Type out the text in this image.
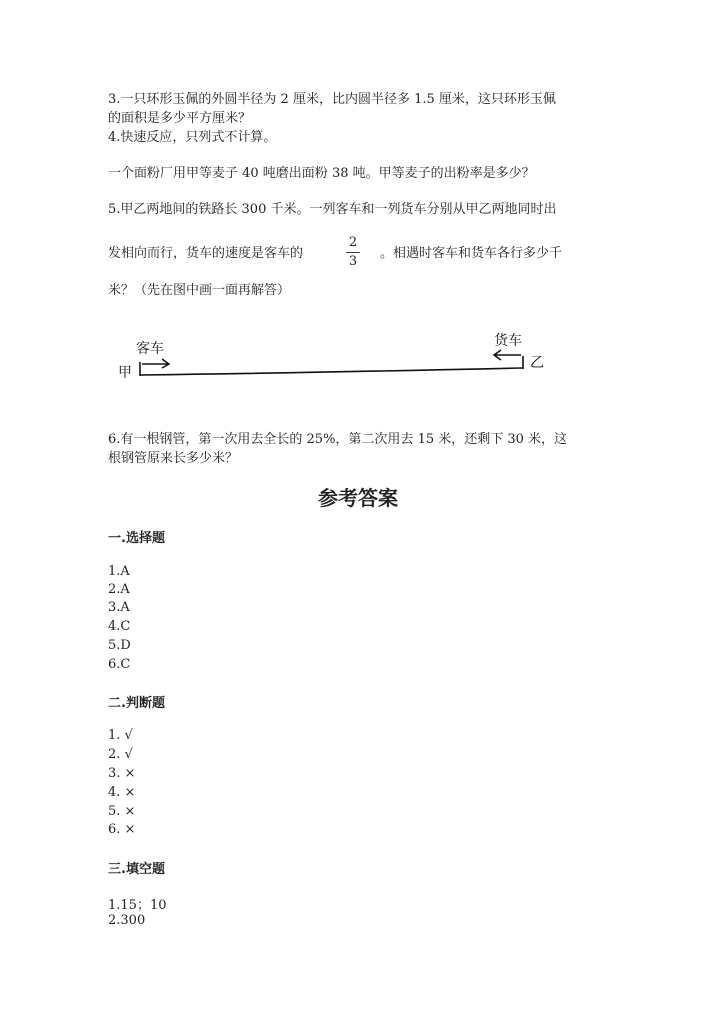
3.一只环形玉佩的外圆半径为 2 厘米，比内圆半径多 1.5 厘米，这只环形玉佩
的面积是多少平方厘米？
4.快速反应，只列式不计算。
一个面粉厂用甲等麦子 40 吨磨出面粉 38 吨。甲等麦子的出粉率是多少？
5.甲乙两地间的铁路长 300 千米。一列客车和一列货车分别从甲乙两地同时出
发相向而行，货车的速度是客车的
2
3
。相遇时客车和货车各行多少千
米？（先在图中画一面再解答）
甲
客车	货车
乙
6.有一根钢管，第一次用去全长的 25%，第二次用去 15 米，还剩下 30 米，这
根钢管原来长多少米？
参考答案
一.选择题
1.A
2.A
3.A
4.C
5.D
6.C
二.判断题
1. √
2. √
3. ×
4. ×
5. ×
6. ×
三.填空题
1.15；10
2.300
